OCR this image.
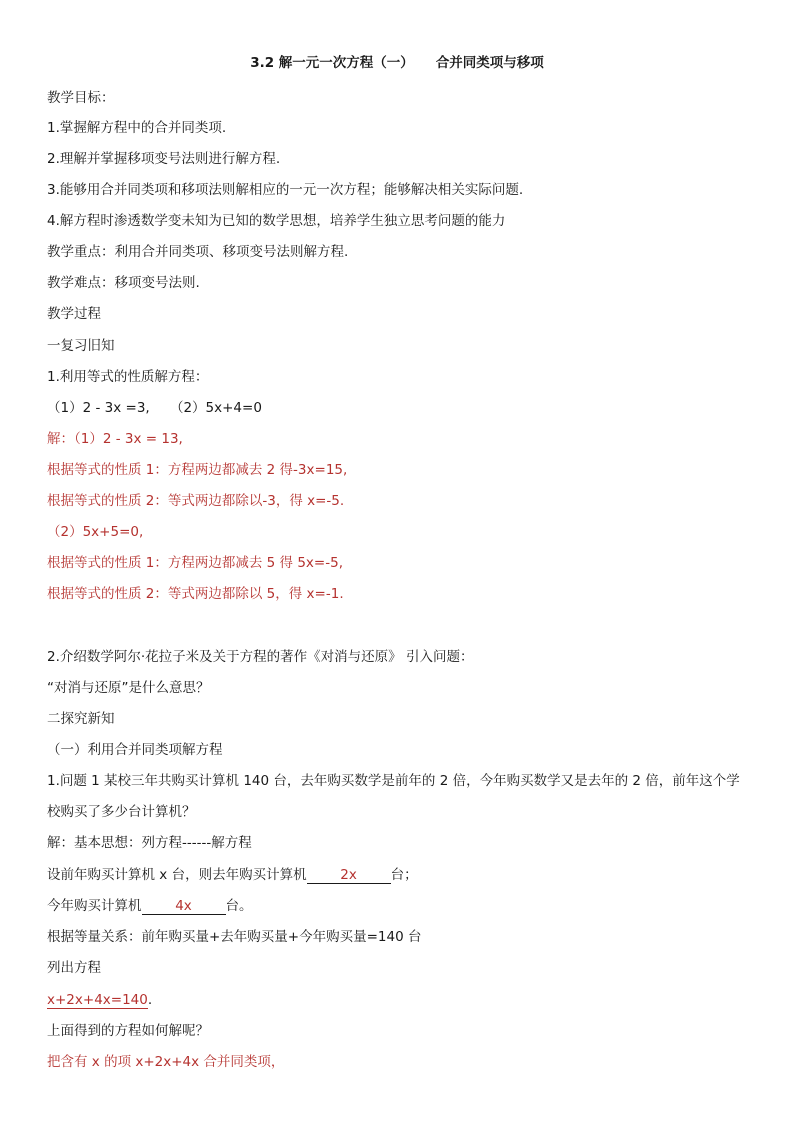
3.2 解一元一次方程（一） 合并同类项与移项
教学目标：
1.掌握解方程中的合并同类项.
2.理解并掌握移项变号法则进行解方程.
3.能够用合并同类项和移项法则解相应的一元一次方程；能够解决相关实际问题.
4.解方程时渗透数学变未知为已知的数学思想，培养学生独立思考问题的能力
教学重点：利用合并同类项、移项变号法则解方程.
教学难点：移项变号法则.
教学过程
一复习旧知
1.利用等式的性质解方程：
（1）2 - 3x =3,　　（2）5x+4=0
解：（1）2 - 3x = 13,
根据等式的性质 1：方程两边都减去 2 得-3x=15,
根据等式的性质 2：等式两边都除以-3，得 x=-5.
（2）5x+5=0,
根据等式的性质 1：方程两边都减去 5 得 5x=-5,
根据等式的性质 2：等式两边都除以 5，得 x=-1.
2.介绍数学阿尔·花拉子米及关于方程的著作《对消与还原》 引入问题：
“对消与还原”是什么意思？
二探究新知
（一）利用合并同类项解方程
1.问题 1 某校三年共购买计算机 140 台，去年购买数学是前年的 2 倍，今年购买数学又是去年的 2 倍，前年这个学
校购买了多少台计算机？
解：基本思想：列方程------解方程
设前年购买计算机 x 台，则去年购买计算机 2x 台；
今年购买计算机 4x 台。
根据等量关系：前年购买量+去年购买量+今年购买量=140 台
列出方程
x+2x+4x=140.
上面得到的方程如何解呢？
把含有 x 的项 x+2x+4x 合并同类项，
